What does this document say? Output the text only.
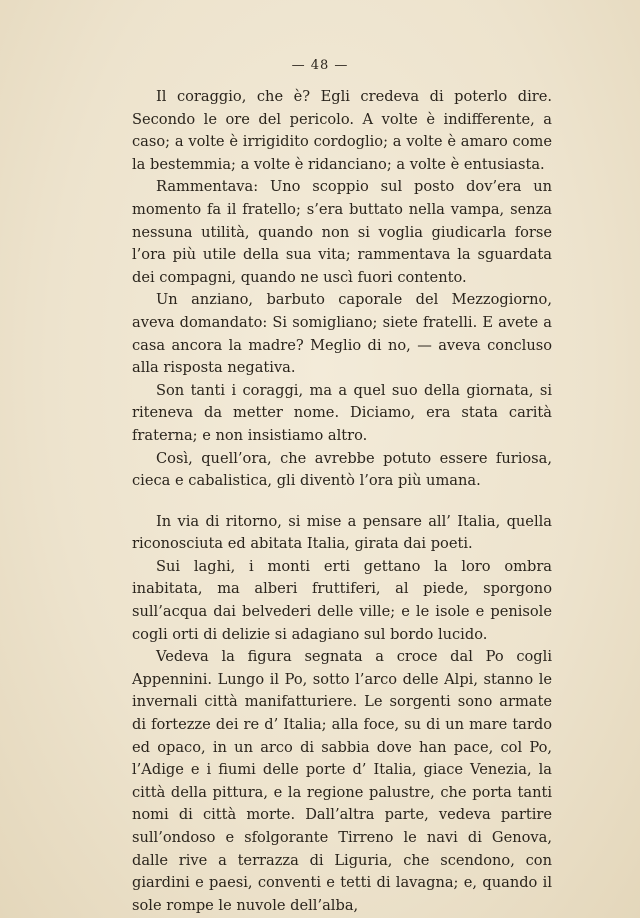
— 48 —

Il coraggio, che è? Egli credeva di poterlo dire. Secondo le ore del pericolo. A volte è indifferente, a caso; a volte è irrigidito cordoglio; a volte è amaro come la bestemmia; a volte è ridanciano; a volte è entusiasta.

Rammentava: Uno scoppio sul posto dov’era un momento fa il fratello; s’era buttato nella vampa, senza nessuna utilità, quando non si voglia giudicarla forse l’ora più utile della sua vita; rammentava la sguardata dei compagni, quando ne uscì fuori contento.

Un anziano, barbuto caporale del Mezzogiorno, aveva domandato: Si somigliano; siete fratelli. E avete a casa ancora la madre? Meglio di no, — aveva concluso alla risposta negativa.

Son tanti i coraggi, ma a quel suo della giornata, si riteneva da metter nome. Diciamo, era stata carità fraterna; e non insistiamo altro.

Così, quell’ora, che avrebbe potuto essere furiosa, cieca e cabalistica, gli diventò l’ora più umana.

In via di ritorno, si mise a pensare all’ Italia, quella riconosciuta ed abitata Italia, girata dai poeti.

Sui laghi, i monti erti gettano la loro ombra inabitata, ma alberi fruttiferi, al piede, sporgono sull’acqua dai belvederi delle ville; e le isole e penisole cogli orti di delizie si adagiano sul bordo lucido.

Vedeva la figura segnata a croce dal Po cogli Appennini. Lungo il Po, sotto l’arco delle Alpi, stanno le invernali città manifatturiere. Le sorgenti sono armate di fortezze dei re d’ Italia; alla foce, su di un mare tardo ed opaco, in un arco di sabbia dove han pace, col Po, l’Adige e i fiumi delle porte d’ Italia, giace Venezia, la città della pittura, e la regione palustre, che porta tanti nomi di città morte. Dall’altra parte, vedeva partire sull’ondoso e sfolgorante Tirreno le navi di Genova, dalle rive a terrazza di Liguria, che scendono, con giardini e paesi, conventi e tetti di lavagna; e, quando il sole rompe le nuvole dell’alba,
